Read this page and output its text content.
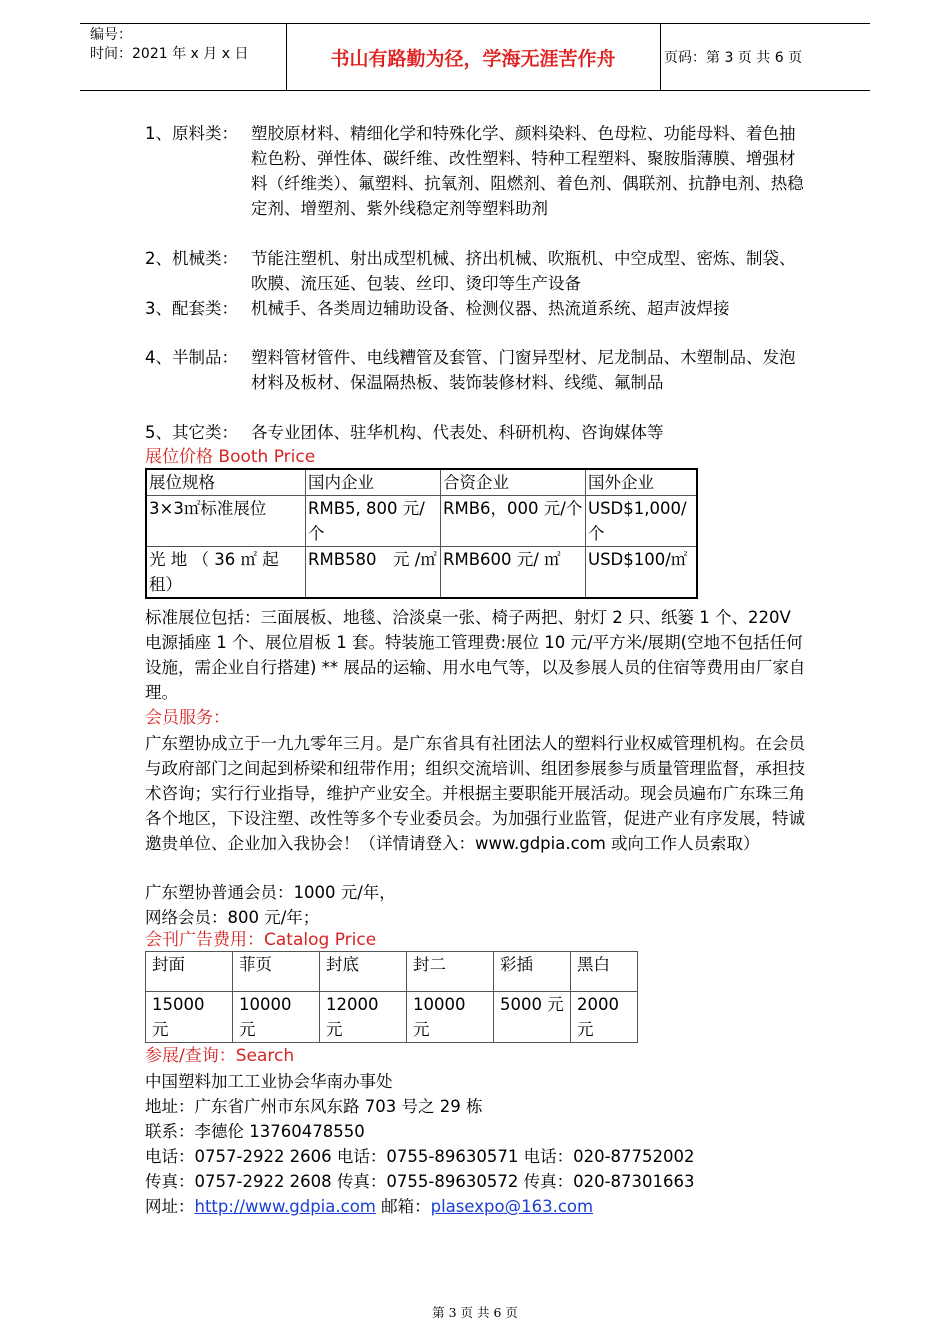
编号：
时间：2021 年 x 月 x 日	书山有路勤为径，学海无涯苦作舟	页码：第 3 页 共 6 页
1、原料类： 塑胶原材料、精细化学和特殊化学、颜料染料、色母粒、功能母料、着色抽粒色粉、弹性体、碳纤维、改性塑料、特种工程塑料、聚胺脂薄膜、增强材料（纤维类）、氟塑料、抗氧剂、阻燃剂、着色剂、偶联剂、抗静电剂、热稳定剂、增塑剂、紫外线稳定剂等塑料助剂
2、机械类： 节能注塑机、射出成型机械、挤出机械、吹瓶机、中空成型、密炼、制袋、吹膜、流压延、包装、丝印、烫印等生产设备
3、配套类： 机械手、各类周边辅助设备、检测仪器、热流道系统、超声波焊接
4、半制品： 塑料管材管件、电线糟管及套管、门窗异型材、尼龙制品、木塑制品、发泡材料及板材、保温隔热板、装饰装修材料、线缆、氟制品
5、其它类： 各专业团体、驻华机构、代表处、科研机构、咨询媒体等
展位价格 Booth Price
展位规格	国内企业	合资企业	国外企业
3×3㎡标准展位	RMB5, 800 元/个	RMB6，000 元/个	USD$1,000/个
光 地 （ 36 ㎡ 起租）	RMB580　元 /㎡	RMB600 元/ ㎡	USD$100/㎡
标准展位包括：三面展板、地毯、洽淡桌一张、椅子两把、射灯 2 只、纸篓 1 个、220V 电源插座 1 个、展位眉板 1 套。特装施工管理费:展位 10 元/平方米/展期(空地不包括任何设施，需企业自行搭建) ** 展品的运输、用水电气等，以及参展人员的住宿等费用由厂家自理。
会员服务：
广东塑协成立于一九九零年三月。是广东省具有社团法人的塑料行业权威管理机构。在会员与政府部门之间起到桥梁和纽带作用；组织交流培训、组团参展参与质量管理监督，承担技术咨询；实行行业指导，维护产业安全。并根据主要职能开展活动。现会员遍布广东珠三角各个地区，下设注塑、改性等多个专业委员会。为加强行业监管，促进产业有序发展，特诚邀贵单位、企业加入我协会！（详情请登入：www.gdpia.com 或向工作人员索取）
广东塑协普通会员：1000 元/年，
网络会员：800 元/年；
会刊广告费用：Catalog Price
封面	菲页	封底	封二	彩插	黑白
15000 元	10000 元	12000 元	10000 元	5000 元	2000 元
参展/查询：Search
中国塑料加工工业协会华南办事处
地址：广东省广州市东风东路 703 号之 29 栋
联系：李德伦 13760478550
电话：0757-2922 2606 电话：0755-89630571 电话：020-87752002
传真：0757-2922 2608 传真：0755-89630572 传真：020-87301663
网址：http://www.gdpia.com 邮箱：plasexpo@163.com
第 3 页 共 6 页
